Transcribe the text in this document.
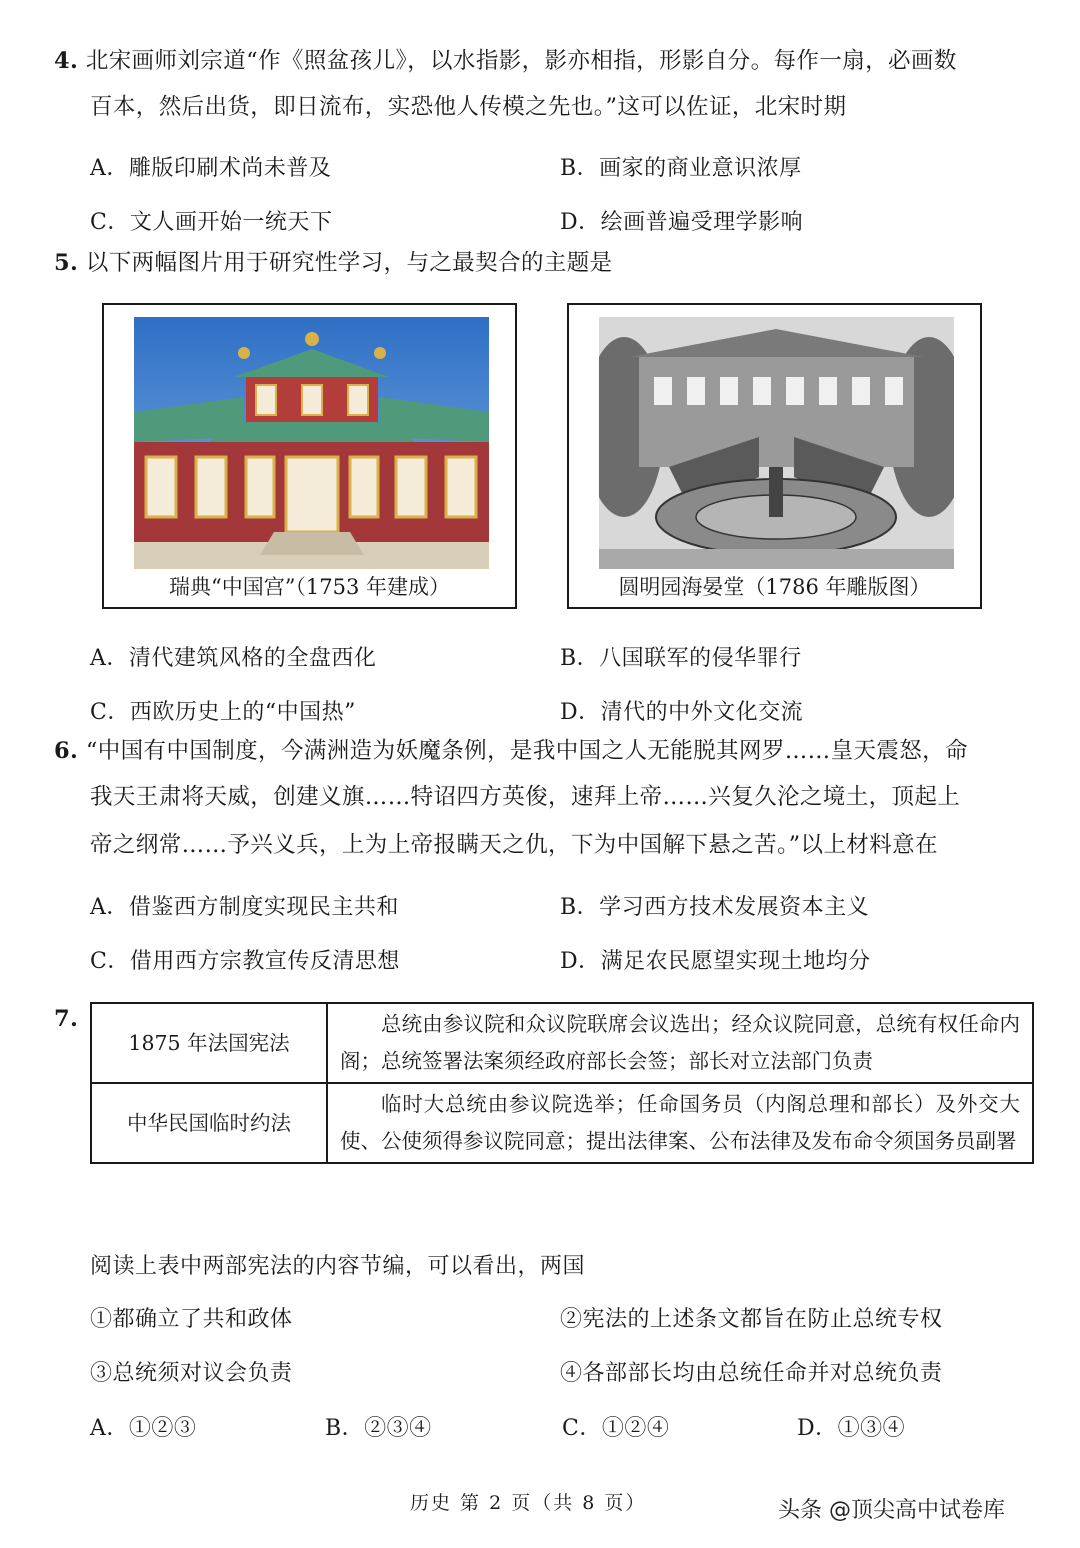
4. 北宋画师刘宗道“作《照盆孩儿》，以水指影，影亦相指，形影自分。每作一扇，必画数
百本，然后出货，即日流布，实恐他人传模之先也。”这可以佐证，北宋时期
A．雕版印刷术尚未普及	B．画家的商业意识浓厚
C．文人画开始一统天下	D．绘画普遍受理学影响
5. 以下两幅图片用于研究性学习，与之最契合的主题是
瑞典“中国宫”（1753 年建成）	圆明园海晏堂（1786 年雕版图）
A．清代建筑风格的全盘西化	B．八国联军的侵华罪行
C．西欧历史上的“中国热”	D．清代的中外文化交流
6. “中国有中国制度，今满洲造为妖魔条例，是我中国之人无能脱其网罗……皇天震怒，命
我天王肃将天威，创建义旗……特诏四方英俊，速拜上帝……兴复久沦之境土，顶起上
帝之纲常……予兴义兵，上为上帝报瞒天之仇，下为中国解下悬之苦。”以上材料意在
A．借鉴西方制度实现民主共和	B．学习西方技术发展资本主义
C．借用西方宗教宣传反清思想	D．满足农民愿望实现土地均分
7.
1875 年法国宪法	总统由参议院和众议院联席会议选出；经众议院同意，总统有权任命内阁；总统签署法案须经政府部长会签；部长对立法部门负责
中华民国临时约法	临时大总统由参议院选举；任命国务员（内阁总理和部长）及外交大使、公使须得参议院同意；提出法律案、公布法律及发布命令须国务员副署
阅读上表中两部宪法的内容节编，可以看出，两国
①都确立了共和政体	②宪法的上述条文都旨在防止总统专权
③总统须对议会负责	④各部部长均由总统任命并对总统负责
A．①②③	B．②③④	C．①②④	D．①③④
历史 第 2 页（共 8 页）	头条 @顶尖高中试卷库
